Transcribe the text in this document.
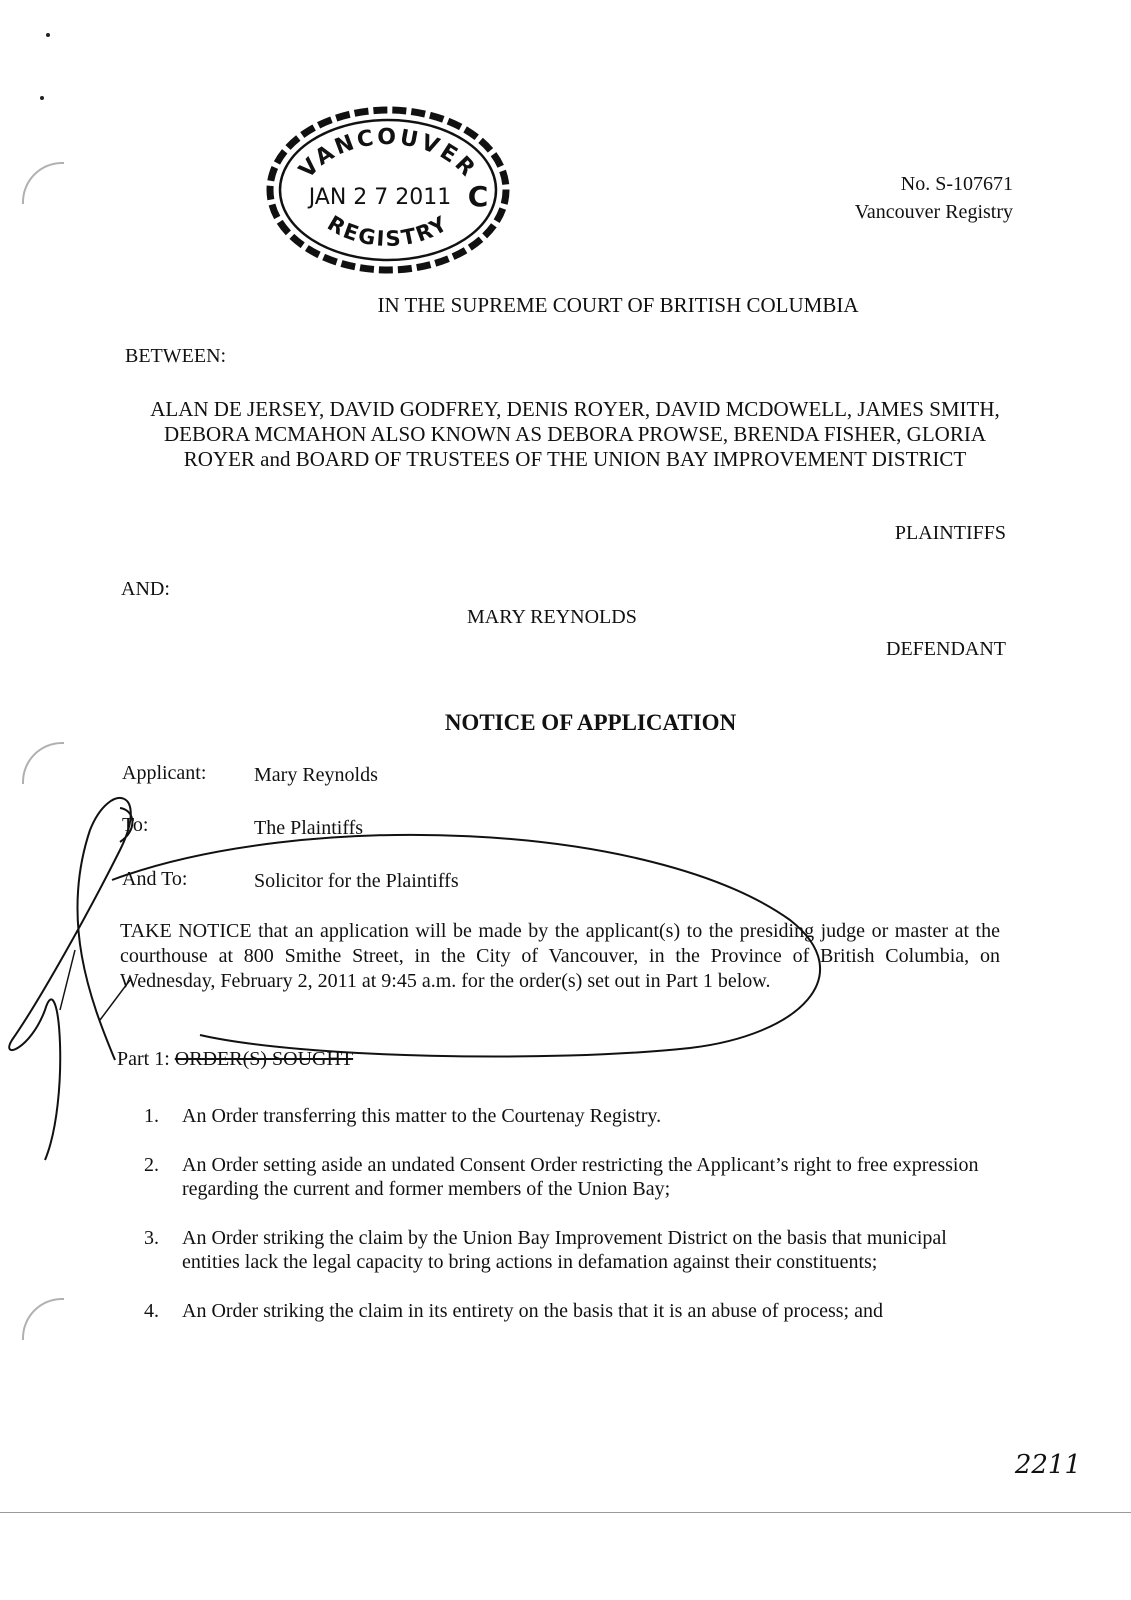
VANCOUVER
JAN 2 7 2011 C
REGISTRY
No. S-107671
Vancouver Registry
IN THE SUPREME COURT OF BRITISH COLUMBIA
BETWEEN:
ALAN DE JERSEY, DAVID GODFREY, DENIS ROYER, DAVID MCDOWELL, JAMES SMITH, DEBORA MCMAHON ALSO KNOWN AS DEBORA PROWSE, BRENDA FISHER, GLORIA ROYER and BOARD OF TRUSTEES OF THE UNION BAY IMPROVEMENT DISTRICT
PLAINTIFFS
AND:
MARY REYNOLDS
DEFENDANT
NOTICE OF APPLICATION
Applicant: Mary Reynolds
To:	The Plaintiffs
And To:	Solicitor for the Plaintiffs
TAKE NOTICE that an application will be made by the applicant(s) to the presiding judge or master at the courthouse at 800 Smithe Street, in the City of Vancouver, in the Province of British Columbia, on Wednesday, February 2, 2011 at 9:45 a.m. for the order(s) set out in Part 1 below.
Part 1: ORDER(S) SOUGHT
1. An Order transferring this matter to the Courtenay Registry.
2. An Order setting aside an undated Consent Order restricting the Applicant’s right to free expression regarding the current and former members of the Union Bay;
3. An Order striking the claim by the Union Bay Improvement District on the basis that municipal entities lack the legal capacity to bring actions in defamation against their constituents;
4. An Order striking the claim in its entirety on the basis that it is an abuse of process; and
2211
